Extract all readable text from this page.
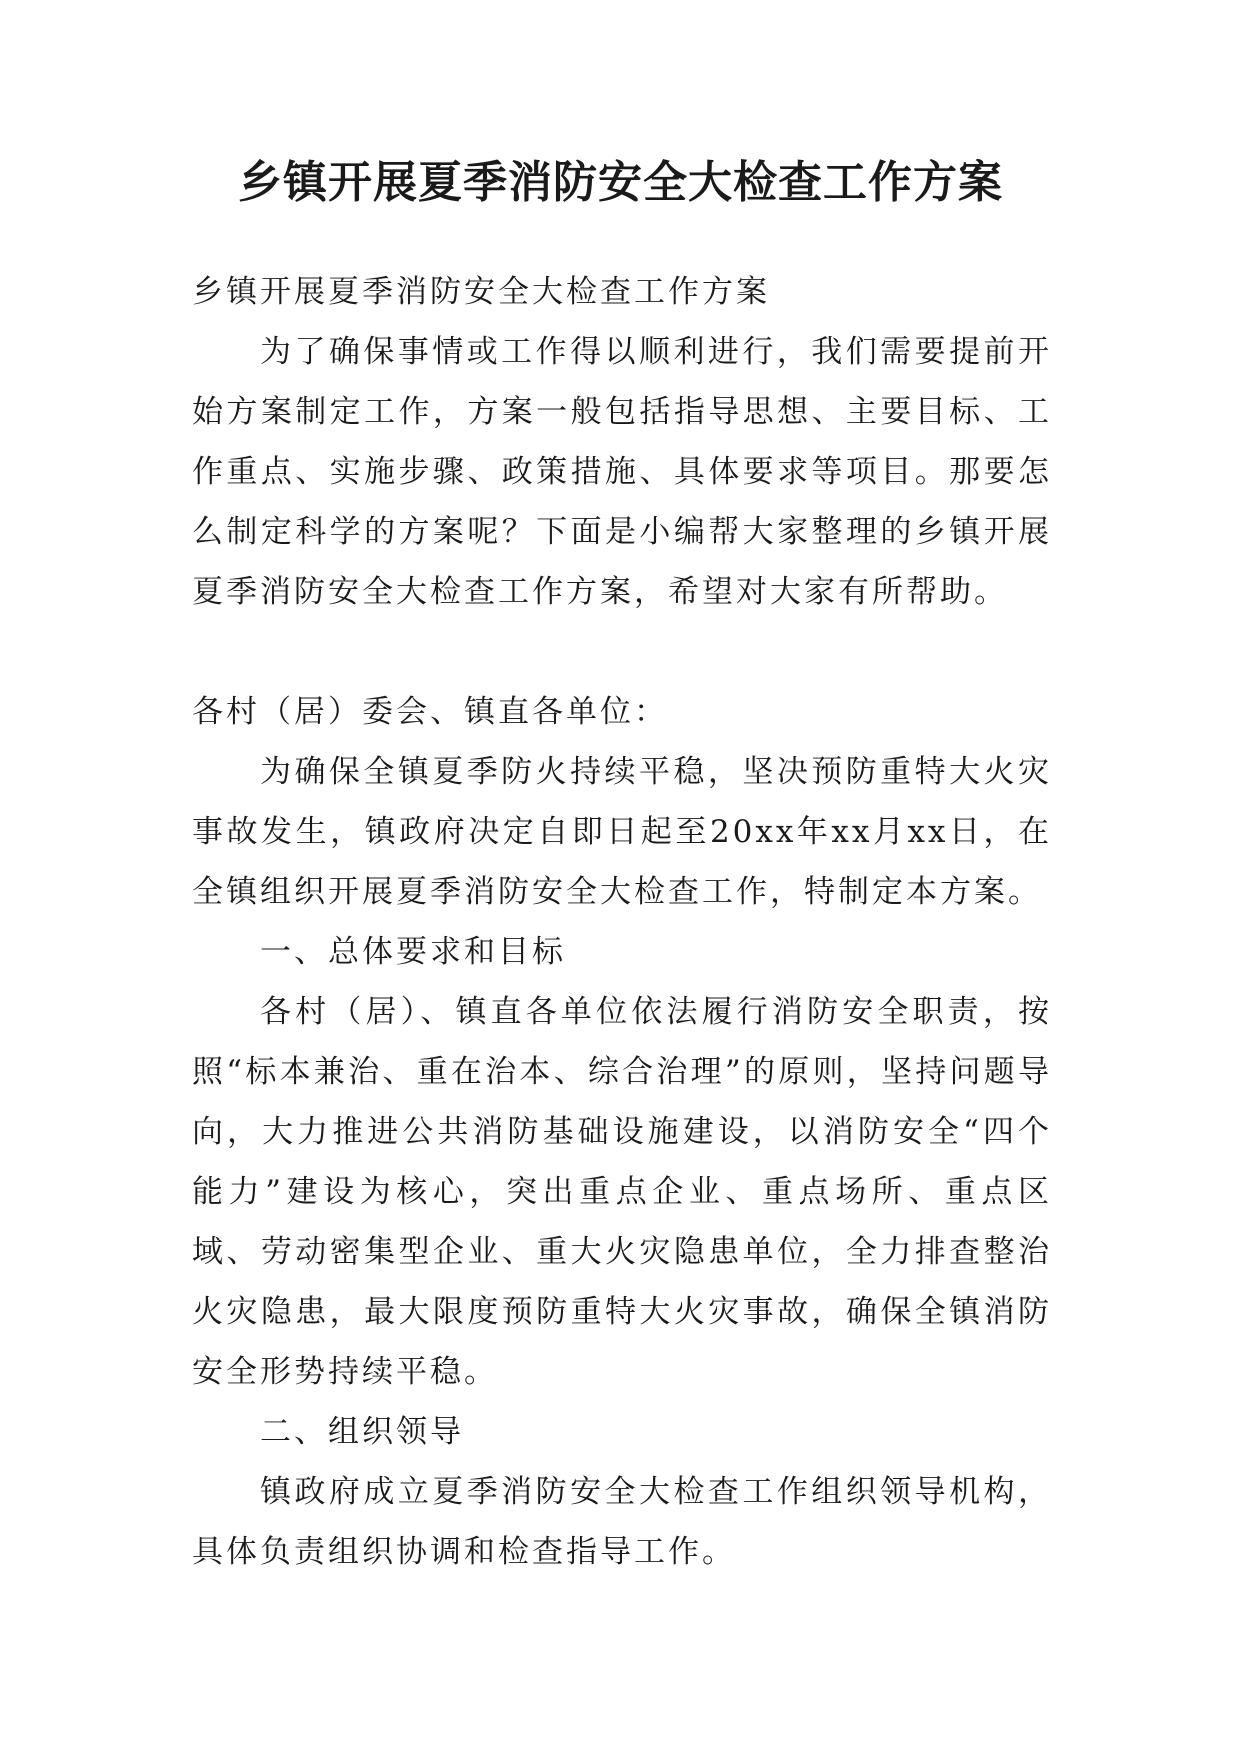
乡镇开展夏季消防安全大检查工作方案

乡镇开展夏季消防安全大检查工作方案

为了确保事情或工作得以顺利进行，我们需要提前开始方案制定工作，方案一般包括指导思想、主要目标、工作重点、实施步骤、政策措施、具体要求等项目。那要怎么制定科学的方案呢？下面是小编帮大家整理的乡镇开展夏季消防安全大检查工作方案，希望对大家有所帮助。

各村（居）委会、镇直各单位：

为确保全镇夏季防火持续平稳，坚决预防重特大火灾事故发生，镇政府决定自即日起至20xx年xx月xx日，在全镇组织开展夏季消防安全大检查工作，特制定本方案。

一、总体要求和目标

各村（居）、镇直各单位依法履行消防安全职责，按照“标本兼治、重在治本、综合治理”的原则，坚持问题导向，大力推进公共消防基础设施建设，以消防安全“四个能力”建设为核心，突出重点企业、重点场所、重点区域、劳动密集型企业、重大火灾隐患单位，全力排查整治火灾隐患，最大限度预防重特大火灾事故，确保全镇消防安全形势持续平稳。

二、组织领导

镇政府成立夏季消防安全大检查工作组织领导机构，具体负责组织协调和检查指导工作。
